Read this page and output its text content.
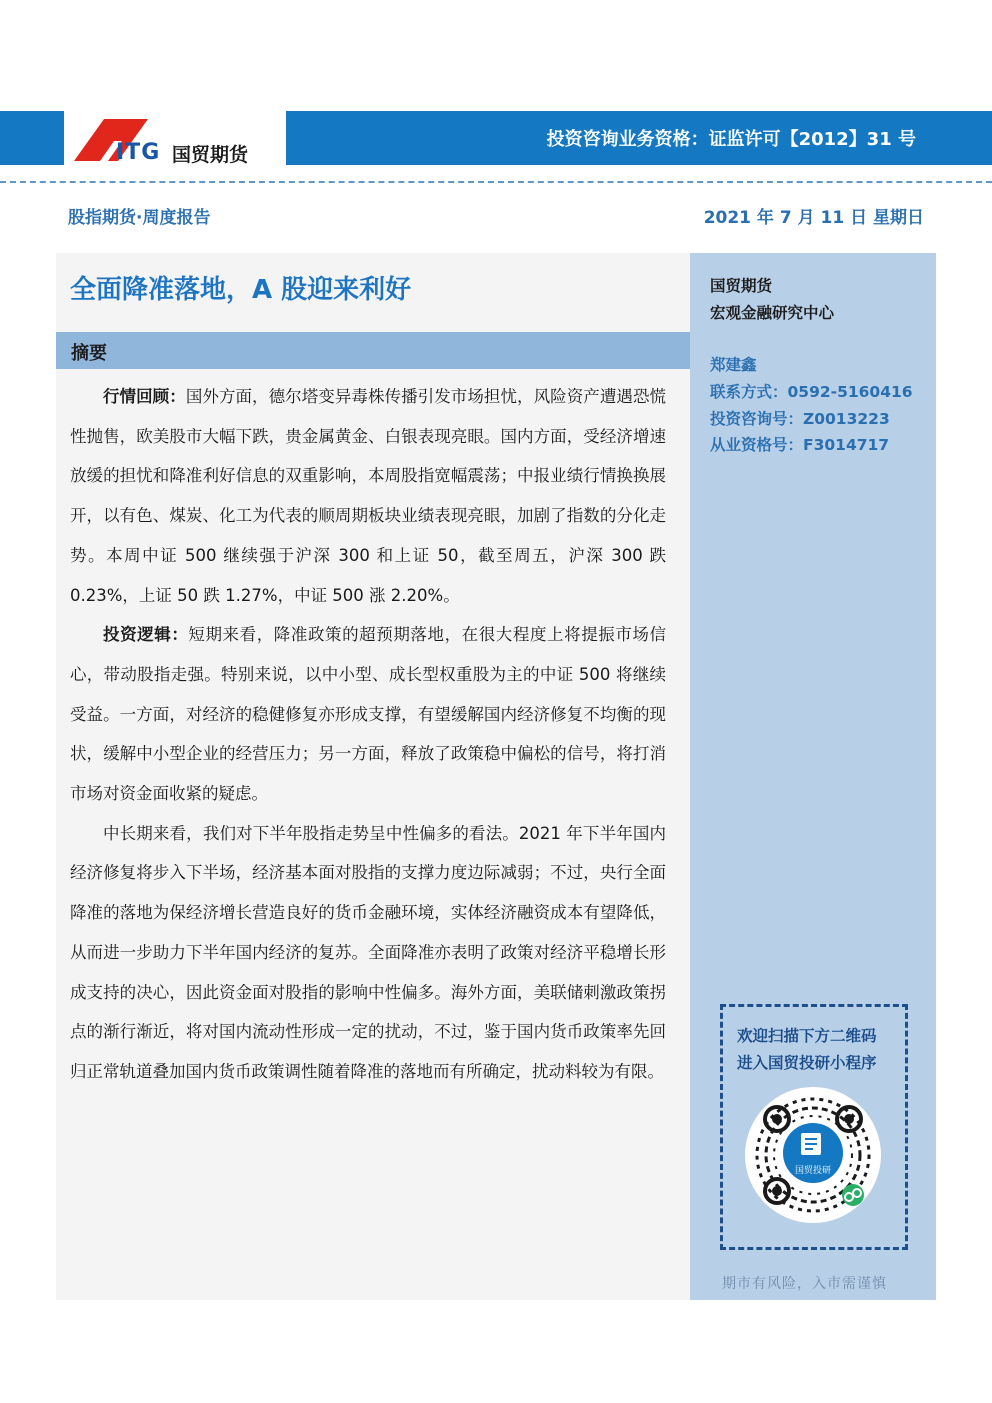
ITG 国贸期货
投资咨询业务资格：证监许可【2012】31 号
股指期货·周度报告	2021 年 7 月 11 日 星期日
全面降准落地，A 股迎来利好
摘要

行情回顾：国外方面，德尔塔变异毒株传播引发市场担忧，风险资产遭遇恐慌性抛售，欧美股市大幅下跌，贵金属黄金、白银表现亮眼。国内方面，受经济增速放缓的担忧和降准利好信息的双重影响，本周股指宽幅震荡；中报业绩行情换换展开，以有色、煤炭、化工为代表的顺周期板块业绩表现亮眼，加剧了指数的分化走势。本周中证 500 继续强于沪深 300 和上证 50，截至周五，沪深 300 跌 0.23%，上证 50 跌 1.27%，中证 500 涨 2.20%。

投资逻辑：短期来看，降准政策的超预期落地，在很大程度上将提振市场信心，带动股指走强。特别来说，以中小型、成长型权重股为主的中证 500 将继续受益。一方面，对经济的稳健修复亦形成支撑，有望缓解国内经济修复不均衡的现状，缓解中小型企业的经营压力；另一方面，释放了政策稳中偏松的信号，将打消市场对资金面收紧的疑虑。

中长期来看，我们对下半年股指走势呈中性偏多的看法。2021 年下半年国内经济修复将步入下半场，经济基本面对股指的支撑力度边际减弱；不过，央行全面降准的落地为保经济增长营造良好的货币金融环境，实体经济融资成本有望降低，从而进一步助力下半年国内经济的复苏。全面降准亦表明了政策对经济平稳增长形成支持的决心，因此资金面对股指的影响中性偏多。海外方面，美联储刺激政策拐点的渐行渐近，将对国内流动性形成一定的扰动，不过，鉴于国内货币政策率先回归正常轨道叠加国内货币政策调性随着降准的落地而有所确定，扰动料较为有限。

国贸期货
宏观金融研究中心
郑建鑫
联系方式：0592-5160416
投资咨询号：Z0013223
从业资格号：F3014717
欢迎扫描下方二维码
进入国贸投研小程序
国贸投研
期市有风险，入市需谨慎
